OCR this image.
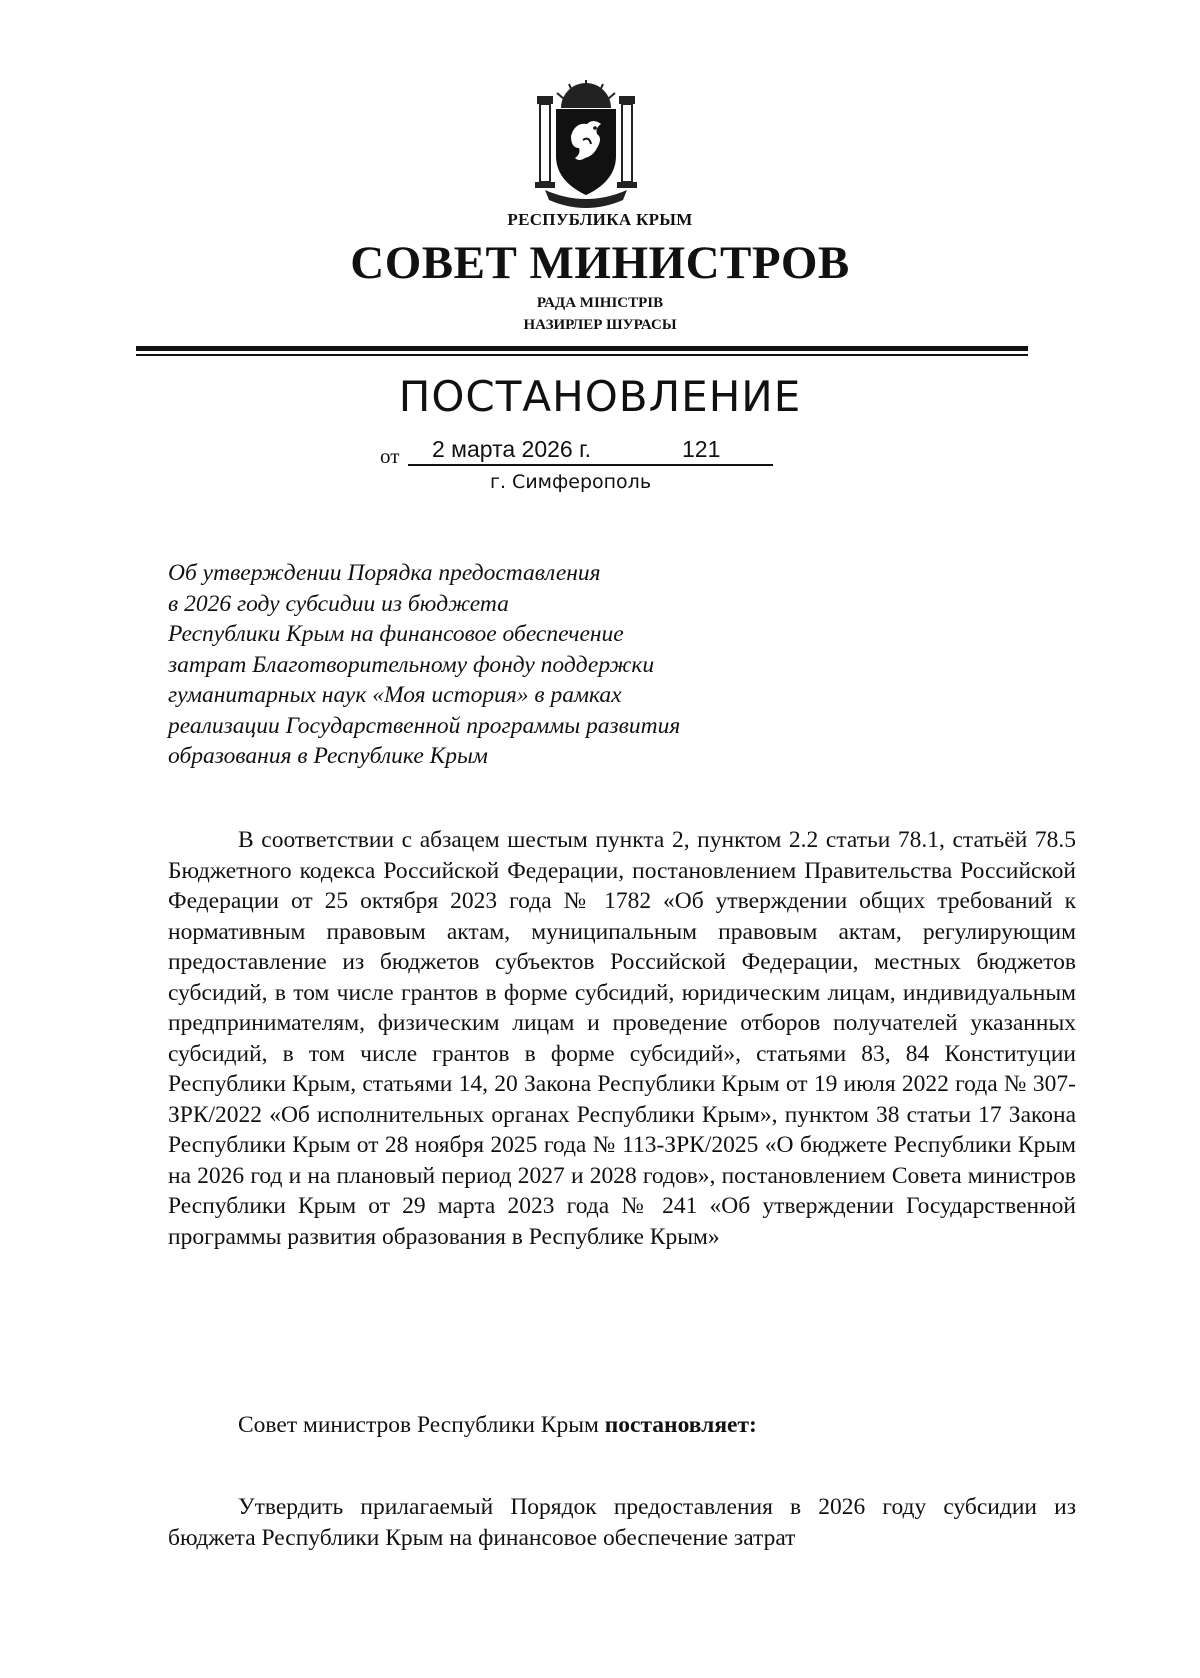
РЕСПУБЛИКА КРЫМ
СОВЕТ МИНИСТРОВ
РАДА МІНІСТРІВ
НАЗИРЛЕР ШУРАСЫ
ПОСТАНОВЛЕНИЕ
от 2 марта 2026 г.	121
г. Симферополь
Об утверждении Порядка предоставления
в 2026 году субсидии из бюджета
Республики Крым на финансовое обеспечение
затрат Благотворительному фонду поддержки
гуманитарных наук «Моя история» в рамках
реализации Государственной программы развития
образования в Республике Крым
В соответствии с абзацем шестым пункта 2, пунктом 2.2 статьи 78.1, статьёй 78.5 Бюджетного кодекса Российской Федерации, постановлением Правительства Российской Федерации от 25 октября 2023 года № 1782 «Об утверждении общих требований к нормативным правовым актам, муниципальным правовым актам, регулирующим предоставление из бюджетов субъектов Российской Федерации, местных бюджетов субсидий, в том числе грантов в форме субсидий, юридическим лицам, индивидуальным предпринимателям, физическим лицам и проведение отборов получателей указанных субсидий, в том числе грантов в форме субсидий», статьями 83, 84 Конституции Республики Крым, статьями 14, 20 Закона Республики Крым от 19 июля 2022 года № 307-ЗРК/2022 «Об исполнительных органах Республики Крым», пунктом 38 статьи 17 Закона Республики Крым от 28 ноября 2025 года № 113-ЗРК/2025 «О бюджете Республики Крым на 2026 год и на плановый период 2027 и 2028 годов», постановлением Совета министров Республики Крым от 29 марта 2023 года № 241 «Об утверждении Государственной программы развития образования в Республике Крым»
Совет министров Республики Крым постановляет:
Утвердить прилагаемый Порядок предоставления в 2026 году субсидии из бюджета Республики Крым на финансовое обеспечение затрат
